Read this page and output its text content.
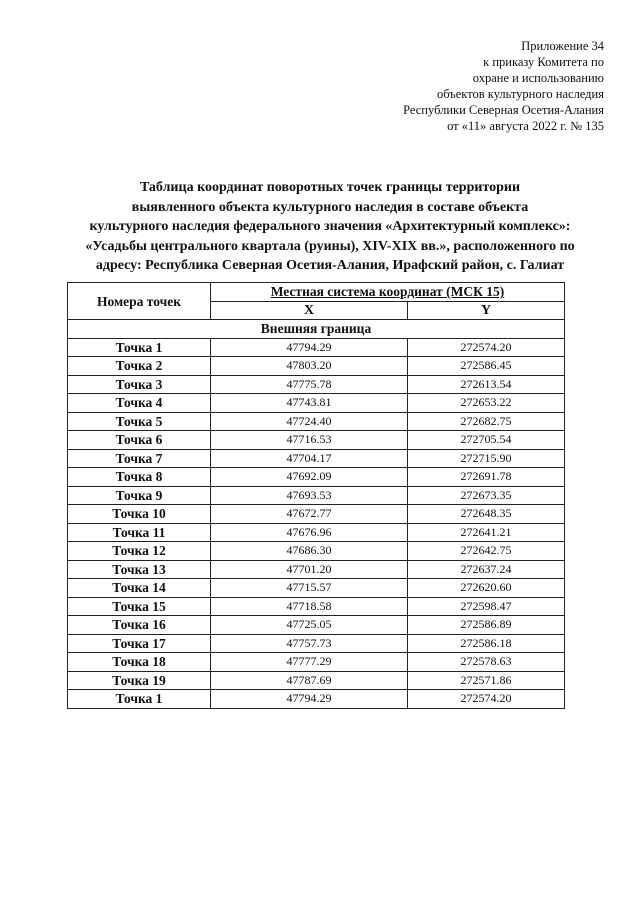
Приложение 34
к приказу Комитета по
охране и использованию
объектов культурного наследия
Республики Северная Осетия-Алания
от «11» августа 2022 г. № 135
Таблица координат поворотных точек границы территории
выявленного объекта культурного наследия в составе объекта
культурного наследия федерального значения «Архитектурный комплекс»:
«Усадьбы центрального квартала (руины), XIV-XIX вв.», расположенного по
адресу: Республика Северная Осетия-Алания, Ирафский район, с. Галиат
Номера точек	Местная система координат (МСК 15)	
	X	Y
Внешняя граница		
Точка 1	47794.29	272574.20
Точка 2	47803.20	272586.45
Точка 3	47775.78	272613.54
Точка 4	47743.81	272653.22
Точка 5	47724.40	272682.75
Точка 6	47716.53	272705.54
Точка 7	47704.17	272715.90
Точка 8	47692.09	272691.78
Точка 9	47693.53	272673.35
Точка 10	47672.77	272648.35
Точка 11	47676.96	272641.21
Точка 12	47686.30	272642.75
Точка 13	47701.20	272637.24
Точка 14	47715.57	272620.60
Точка 15	47718.58	272598.47
Точка 16	47725.05	272586.89
Точка 17	47757.73	272586.18
Точка 18	47777.29	272578.63
Точка 19	47787.69	272571.86
Точка 1	47794.29	272574.20
